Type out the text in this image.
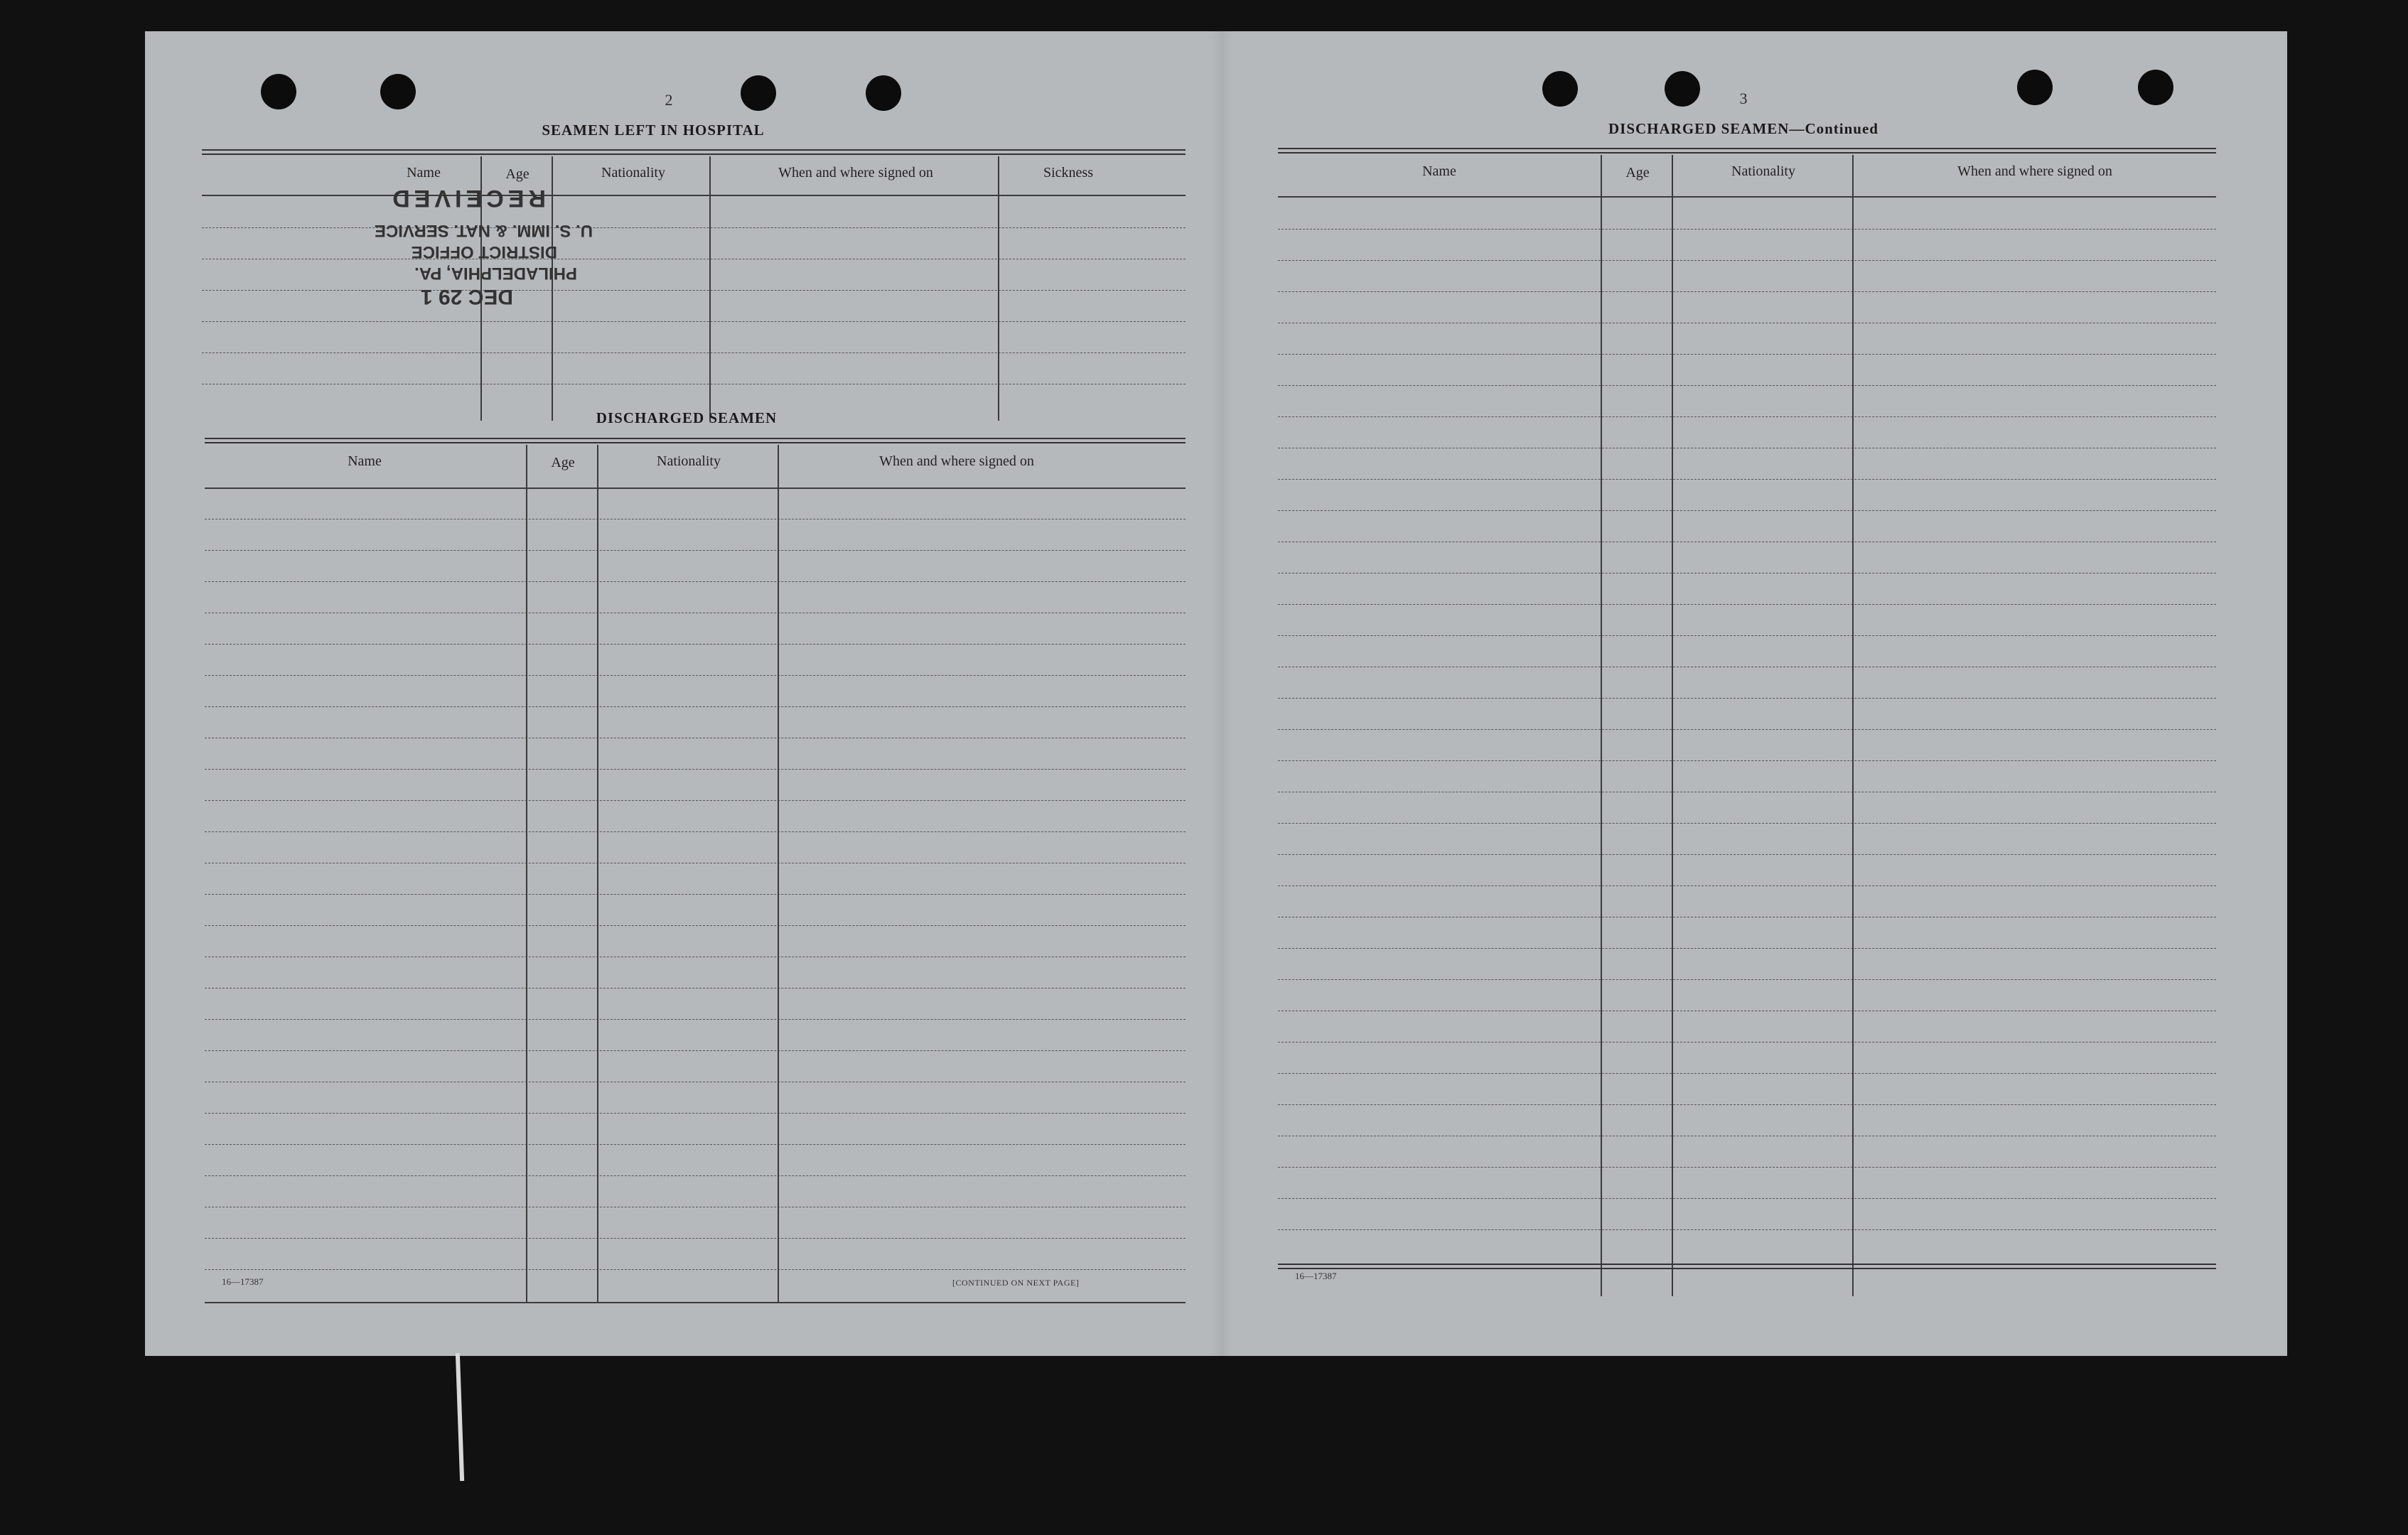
2
SEAMEN LEFT IN HOSPITAL
Name	Age	Nationality	When and where signed on	Sickness
DISCHARGED SEAMEN
Name	Age	Nationality	When and where signed on
16—17387	[CONTINUED ON NEXT PAGE]
3
DISCHARGED SEAMEN—Continued
Name	Age	Nationality	When and where signed on
16—17387
RECEIVED
U. S. IMM. & NAT. SERVICE
DISTRICT OFFICE
PHILADELPHIA, PA.
DEC 29 1
